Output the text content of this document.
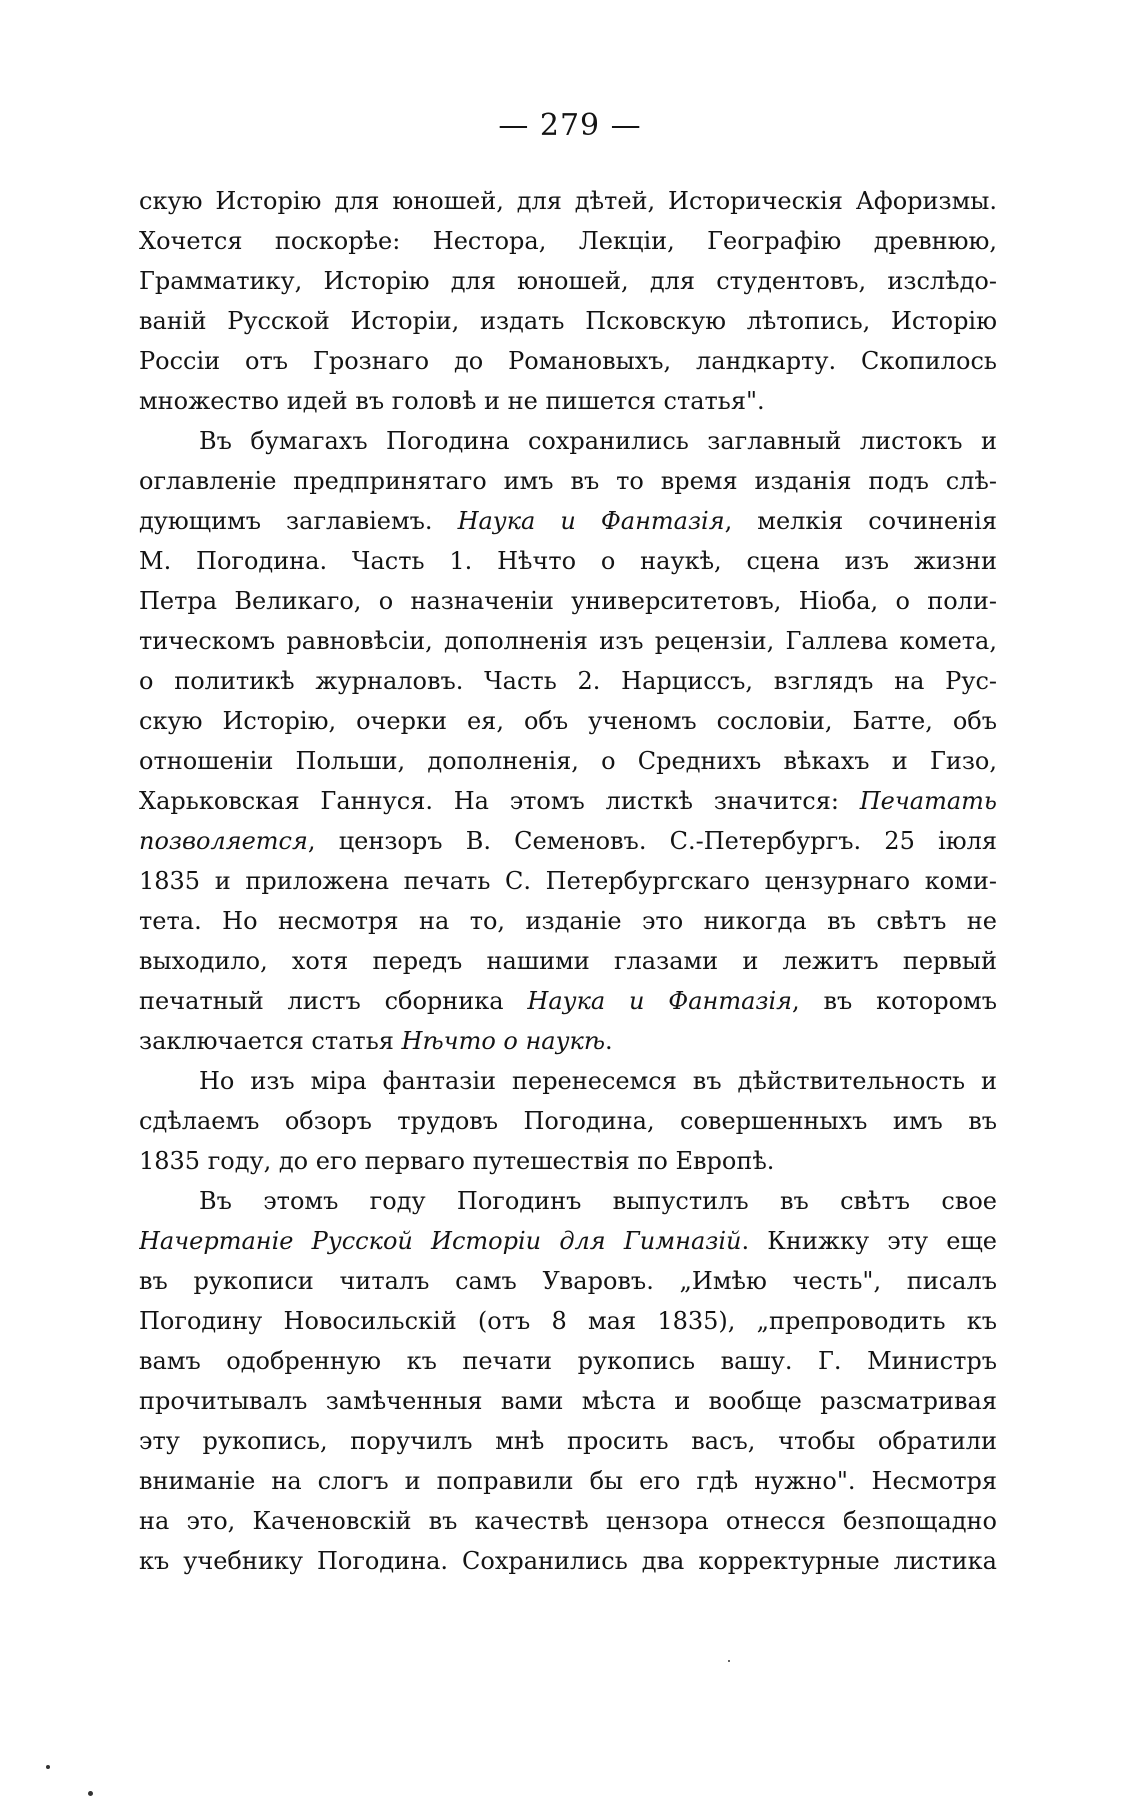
— 279 —
скую Исторію для юношей, для дѣтей, Историческія Афоризмы.
Хочется поскорѣе: Нестора, Лекціи, Географію древнюю,
Грамматику, Исторію для юношей, для студентовъ, изслѣдо-
ваній Русской Исторіи, издать Псковскую лѣтопись, Исторію
Россіи отъ Грознаго до Романовыхъ, ландкарту. Скопилось
множество идей въ головѣ и не пишется статья".
Въ бумагахъ Погодина сохранились заглавный листокъ и
оглавленіе предпринятаго имъ въ то время изданія подъ слѣ-
дующимъ заглавіемъ. Наука и Фантазія, мелкія сочиненія
М. Погодина. Часть 1. Нѣчто о наукѣ, сцена изъ жизни
Петра Великаго, о назначеніи университетовъ, Ніоба, о поли-
тическомъ равновѣсіи, дополненія изъ рецензіи, Галлева комета,
о политикѣ журналовъ. Часть 2. Нарциссъ, взглядъ на Рус-
скую Исторію, очерки ея, объ ученомъ сословіи, Батте, объ
отношеніи Польши, дополненія, о Среднихъ вѣкахъ и Гизо,
Харьковская Ганнуся. На этомъ листкѣ значится: Печатать
позволяется, цензоръ В. Семеновъ. С.-Петербургъ. 25 іюля
1835 и приложена печать С. Петербургскаго цензурнаго коми-
тета. Но несмотря на то, изданіе это никогда въ свѣтъ не
выходило, хотя передъ нашими глазами и лежитъ первый
печатный листъ сборника Наука и Фантазія, въ которомъ
заключается статья Нѣчто о наукѣ.
Но изъ міра фантазіи перенесемся въ дѣйствительность и
сдѣлаемъ обзоръ трудовъ Погодина, совершенныхъ имъ въ
1835 году, до его перваго путешествія по Европѣ.
Въ этомъ году Погодинъ выпустилъ въ свѣтъ свое
Начертаніе Русской Исторіи для Гимназій. Книжку эту еще
въ рукописи читалъ самъ Уваровъ. „Имѣю честь", писалъ
Погодину Новосильскій (отъ 8 мая 1835), „препроводить къ
вамъ одобренную къ печати рукопись вашу. Г. Министръ
прочитывалъ замѣченныя вами мѣста и вообще разсматривая
эту рукопись, поручилъ мнѣ просить васъ, чтобы обратили
вниманіе на слогъ и поправили бы его гдѣ нужно". Несмотря
на это, Каченовскій въ качествѣ цензора отнесся безпощадно
къ учебнику Погодина. Сохранились два корректурные листика
